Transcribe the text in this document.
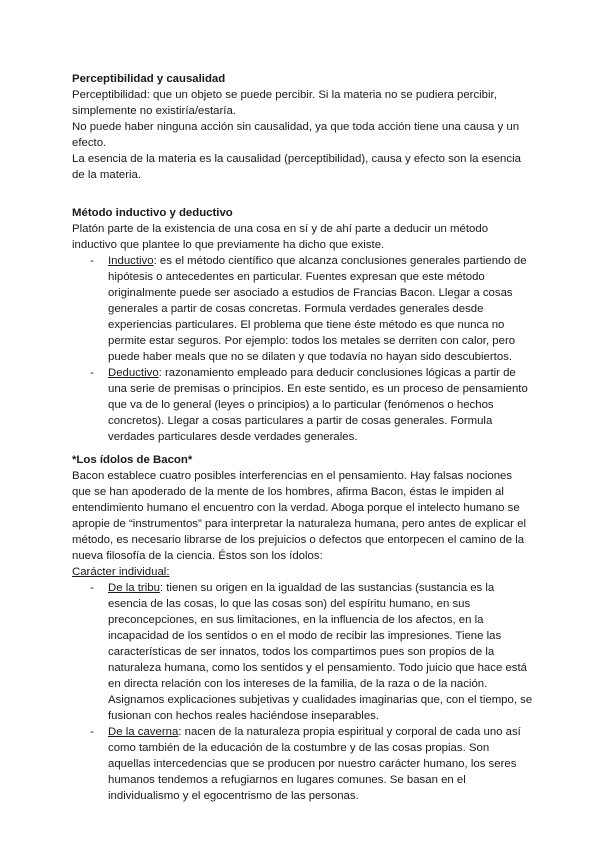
Perceptibilidad y causalidad

Perceptibilidad: que un objeto se puede percibir. Si la materia no se pudiera percibir, simplemente no existiría/estaría.

No puede haber ninguna acción sin causalidad, ya que toda acción tiene una causa y un efecto.

La esencia de la materia es la causalidad (perceptibilidad), causa y efecto son la esencia de la materia.

Método inductivo y deductivo

Platón parte de la existencia de una cosa en sí y de ahí parte a deducir un método inductivo que plantee lo que previamente ha dicho que existe.

- Inductivo: es el método científico que alcanza conclusiones generales partiendo de hipótesis o antecedentes en particular. Fuentes expresan que este método originalmente puede ser asociado a estudios de Francias Bacon. Llegar a cosas generales a partir de cosas concretas. Formula verdades generales desde experiencias particulares. El problema que tiene éste método es que nunca no permite estar seguros. Por ejemplo: todos los metales se derriten con calor, pero puede haber meals que no se dilaten y que todavía no hayan sido descubiertos.
- Deductivo: razonamiento empleado para deducir conclusiones lógicas a partir de una serie de premisas o principios. En este sentido, es un proceso de pensamiento que va de lo general (leyes o principios) a lo particular (fenómenos o hechos concretos). Llegar a cosas particulares a partir de cosas generales. Formula verdades particulares desde verdades generales.
*Los ídolos de Bacon*

Bacon establece cuatro posibles interferencias en el pensamiento. Hay falsas nociones que se han apoderado de la mente de los hombres, afirma Bacon, éstas le impiden al entendimiento humano el encuentro con la verdad. Aboga porque el intelecto humano se apropie de “instrumentos” para interpretar la naturaleza humana, pero antes de explicar el método, es necesario librarse de los prejuicios o defectos que entorpecen el camino de la nueva filosofía de la ciencia. Éstos son los ídolos:

Carácter individual:
- De la tribu: tienen su origen en la igualdad de las sustancias (sustancia es la esencia de las cosas, lo que las cosas son) del espíritu humano, en sus preconcepciones, en sus limitaciones, en la influencia de los afectos, en la incapacidad de los sentidos o en el modo de recibir las impresiones. Tiene las características de ser innatos, todos los compartimos pues son propios de la naturaleza humana, como los sentidos y el pensamiento. Todo juicio que hace está en directa relación con los intereses de la familia, de la raza o de la nación. Asignamos explicaciones subjetivas y cualidades imaginarias que, con el tiempo, se fusionan con hechos reales haciéndose inseparables.
- De la caverna: nacen de la naturaleza propia espiritual y corporal de cada uno así como también de la educación de la costumbre y de las cosas propias. Son aquellas intercedencias que se producen por nuestro carácter humano, los seres humanos tendemos a refugiarnos en lugares comunes. Se basan en el individualismo y el egocentrismo de las personas.
